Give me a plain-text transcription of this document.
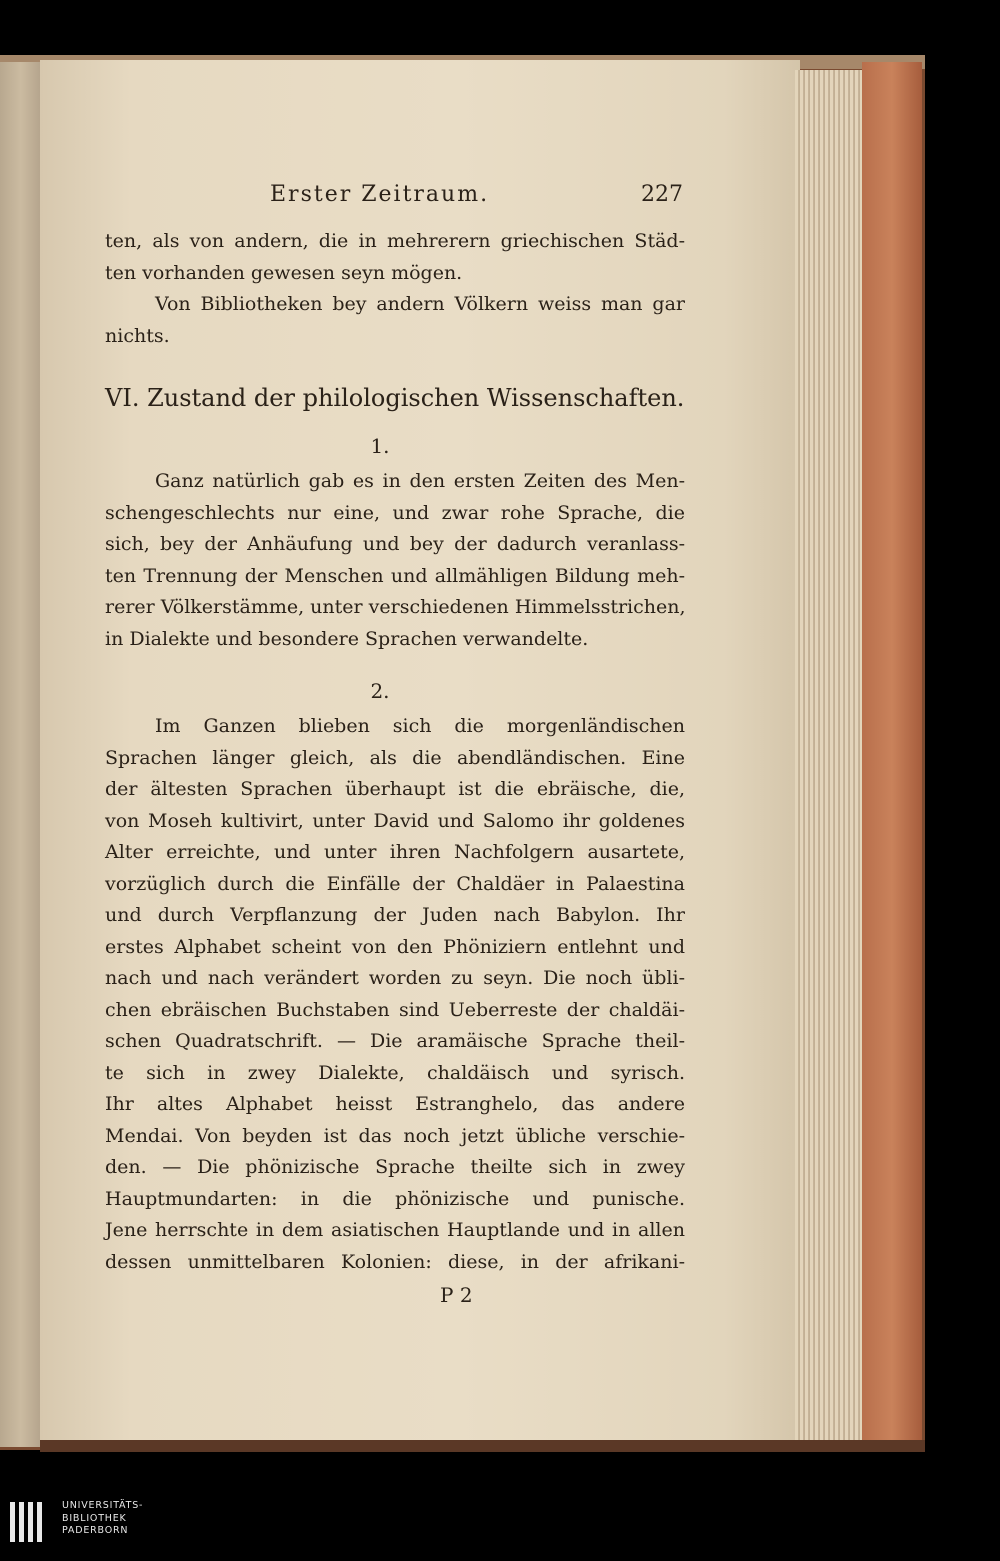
Erster Zeitraum.	227
ten, als von andern, die in mehrerern griechischen Städ-
ten vorhanden gewesen seyn mögen.
Von Bibliotheken bey andern Völkern weiss man gar
nichts.
VI. Zustand der philologischen Wissenschaften.
1.
Ganz natürlich gab es in den ersten Zeiten des Men-
schengeschlechts nur eine, und zwar rohe Sprache, die
sich, bey der Anhäufung und bey der dadurch veranlass-
ten Trennung der Menschen und allmähligen Bildung meh-
rerer Völkerstämme, unter verschiedenen Himmelsstrichen,
in Dialekte und besondere Sprachen verwandelte.
2.
Im Ganzen blieben sich die morgenländischen
Sprachen länger gleich, als die abendländischen. Eine
der ältesten Sprachen überhaupt ist die ebräische, die,
von Moseh kultivirt, unter David und Salomo ihr goldenes
Alter erreichte, und unter ihren Nachfolgern ausartete,
vorzüglich durch die Einfälle der Chaldäer in Palaestina
und durch Verpflanzung der Juden nach Babylon. Ihr
erstes Alphabet scheint von den Phöniziern entlehnt und
nach und nach verändert worden zu seyn. Die noch übli-
chen ebräischen Buchstaben sind Ueberreste der chaldäi-
schen Quadratschrift. — Die aramäische Sprache theil-
te sich in zwey Dialekte, chaldäisch und syrisch.
Ihr altes Alphabet heisst Estranghelo, das andere
Mendai. Von beyden ist das noch jetzt übliche verschie-
den. — Die phönizische Sprache theilte sich in zwey
Hauptmundarten: in die phönizische und punische.
Jene herrschte in dem asiatischen Hauptlande und in allen
dessen unmittelbaren Kolonien: diese, in der afrikani-
P 2
UNIVERSITÄTS-
BIBLIOTHEK
PADERBORN
